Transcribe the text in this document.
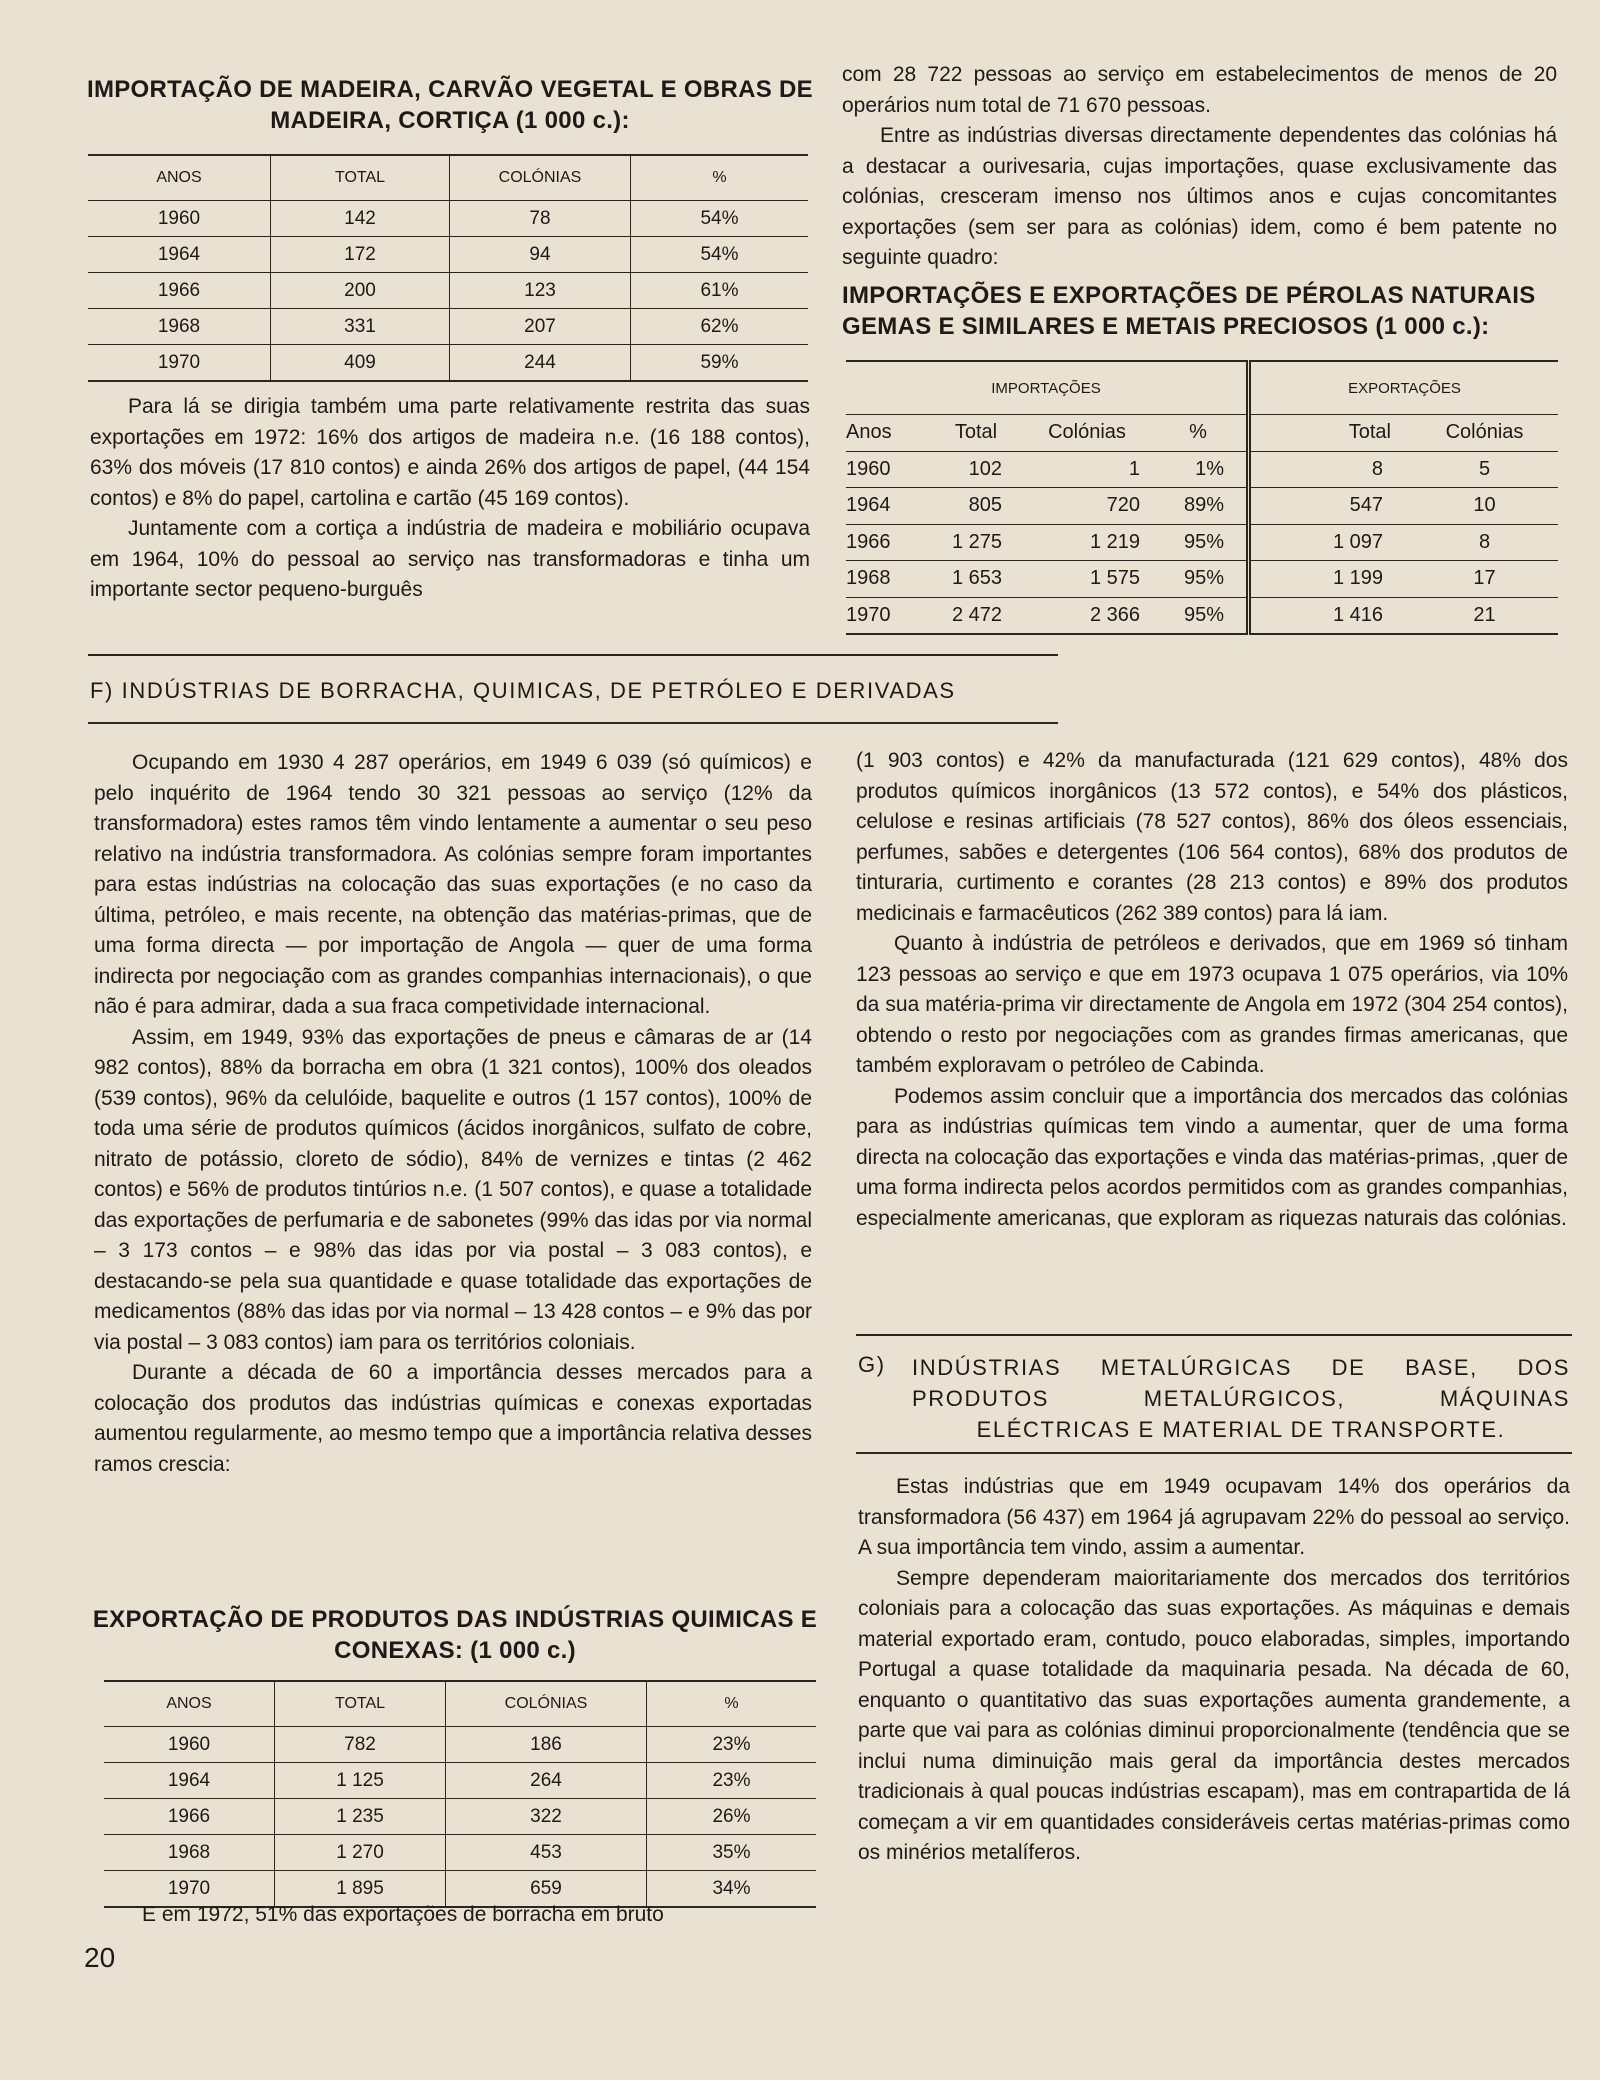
IMPORTAÇÃO DE MADEIRA, CARVÃO VEGETAL E OBRAS DE MADEIRA, CORTIÇA (1 000 c.):
ANOS	TOTAL	COLÓNIAS	%
1960	142	78	54%
1964	172	94	54%
1966	200	123	61%
1968	331	207	62%
1970	409	244	59%

Para lá se dirigia também uma parte relativamente restrita das suas exportações em 1972: 16% dos artigos de madeira n.e. (16 188 contos), 63% dos móveis (17 810 contos) e ainda 26% dos artigos de papel, (44 154 contos) e 8% do papel, cartolina e cartão (45 169 contos).

Juntamente com a cortiça a indústria de madeira e mobiliário ocupava em 1964, 10% do pessoal ao serviço nas transformadoras e tinha um importante sector pequeno-burguês

com 28 722 pessoas ao serviço em estabelecimentos de menos de 20 operários num total de 71 670 pessoas.

Entre as indústrias diversas directamente dependentes das colónias há a destacar a ourivesaria, cujas importações, quase exclusivamente das colónias, cresceram imenso nos últimos anos e cujas concomitantes exportações (sem ser para as colónias) idem, como é bem patente no seguinte quadro:

IMPORTAÇÕES E EXPORTAÇÕES DE PÉROLAS NATURAIS GEMAS E SIMILARES E METAIS PRECIOSOS (1 000 c.):
IMPORTAÇÕES				EXPORTAÇÕES	
Anos	Total	Colónias	%	Total	Colónias
1960	102	1	1%	8	5
1964	805	720	89%	547	10
1966	1 275	1 219	95%	1 097	8
1968	1 653	1 575	95%	1 199	17
1970	2 472	2 366	95%	1 416	21
F) INDÚSTRIAS DE BORRACHA, QUIMICAS, DE PETRÓLEO E DERIVADAS

Ocupando em 1930 4 287 operários, em 1949 6 039 (só químicos) e pelo inquérito de 1964 tendo 30 321 pessoas ao serviço (12% da transformadora) estes ramos têm vindo lentamente a aumentar o seu peso relativo na indústria transformadora. As colónias sempre foram importantes para estas indústrias na colocação das suas exportações (e no caso da última, petróleo, e mais recente, na obtenção das matérias-primas, que de uma forma directa — por importação de Angola — quer de uma forma indirecta por negociação com as grandes companhias internacionais), o que não é para admirar, dada a sua fraca competividade internacional.

Assim, em 1949, 93% das exportações de pneus e câmaras de ar (14 982 contos), 88% da borracha em obra (1 321 contos), 100% dos oleados (539 contos), 96% da celulóide, baquelite e outros (1 157 contos), 100% de toda uma série de produtos químicos (ácidos inorgânicos, sulfato de cobre, nitrato de potássio, cloreto de sódio), 84% de vernizes e tintas (2 462 contos) e 56% de produtos tintúrios n.e. (1 507 contos), e quase a totalidade das exportações de perfumaria e de sabonetes (99% das idas por via normal – 3 173 contos – e 98% das idas por via postal – 3 083 contos), e destacando-se pela sua quantidade e quase totalidade das exportações de medicamentos (88% das idas por via normal – 13 428 contos – e 9% das por via postal – 3 083 contos) iam para os territórios coloniais.

Durante a década de 60 a importância desses mercados para a colocação dos produtos das indústrias químicas e conexas exportadas aumentou regularmente, ao mesmo tempo que a importância relativa desses ramos crescia:

EXPORTAÇÃO DE PRODUTOS DAS INDÚSTRIAS QUIMICAS E CONEXAS: (1 000 c.)
ANOS	TOTAL	COLÓNIAS	%
1960	782	186	23%
1964	1 125	264	23%
1966	1 235	322	26%
1968	1 270	453	35%
1970	1 895	659	34%

E em 1972, 51% das exportações de borracha em bruto

(1 903 contos) e 42% da manufacturada (121 629 contos), 48% dos produtos químicos inorgânicos (13 572 contos), e 54% dos plásticos, celulose e resinas artificiais (78 527 contos), 86% dos óleos essenciais, perfumes, sabões e detergentes (106 564 contos), 68% dos produtos de tinturaria, curtimento e corantes (28 213 contos) e 89% dos produtos medicinais e farmacêuticos (262 389 contos) para lá iam.

Quanto à indústria de petróleos e derivados, que em 1969 só tinham 123 pessoas ao serviço e que em 1973 ocupava 1 075 operários, via 10% da sua matéria-prima vir directamente de Angola em 1972 (304 254 contos), obtendo o resto por negociações com as grandes firmas americanas, que também exploravam o petróleo de Cabinda.

Podemos assim concluir que a importância dos mercados das colónias para as indústrias químicas tem vindo a aumentar, quer de uma forma directa na colocação das exportações e vinda das matérias-primas, ,quer de uma forma indirecta pelos acordos permitidos com as grandes companhias, especialmente americanas, que exploram as riquezas naturais das colónias.

G)	INDÚSTRIAS METALÚRGICAS DE BASE, DOS
PRODUTOS METALÚRGICOS, MÁQUINAS
ELÉCTRICAS E MATERIAL DE TRANSPORTE.

Estas indústrias que em 1949 ocupavam 14% dos operários da transformadora (56 437) em 1964 já agrupavam 22% do pessoal ao serviço. A sua importância tem vindo, assim a aumentar.

Sempre dependeram maioritariamente dos mercados dos territórios coloniais para a colocação das suas exportações. As máquinas e demais material exportado eram, contudo, pouco elaboradas, simples, importando Portugal a quase totalidade da maquinaria pesada. Na década de 60, enquanto o quantitativo das suas exportações aumenta grandemente, a parte que vai para as colónias diminui proporcionalmente (tendência que se inclui numa diminuição mais geral da importância destes mercados tradicionais à qual poucas indústrias escapam), mas em contrapartida de lá começam a vir em quantidades consideráveis certas matérias-primas como os minérios metalíferos.

20
